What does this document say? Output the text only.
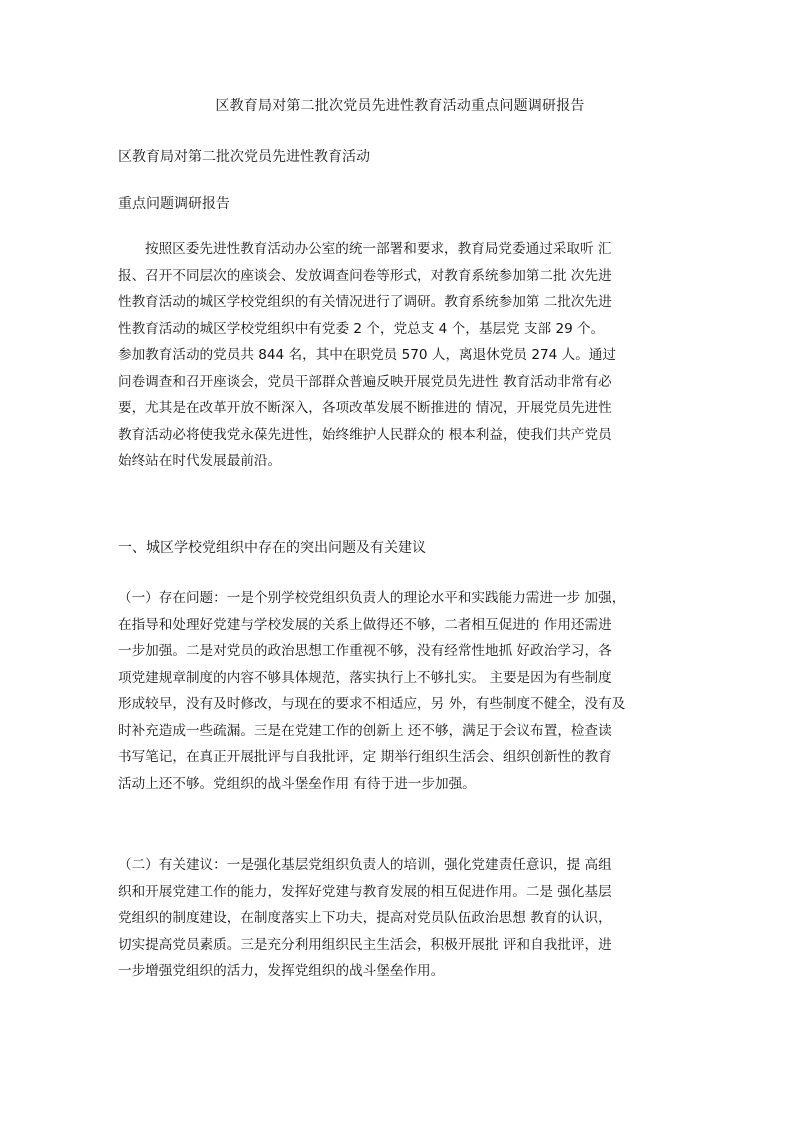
区教育局对第二批次党员先进性教育活动重点问题调研报告
区教育局对第二批次党员先进性教育活动
重点问题调研报告
按照区委先进性教育活动办公室的统一部署和要求，教育局党委通过采取听 汇
报、召开不同层次的座谈会、发放调查问卷等形式，对教育系统参加第二批 次先进
性教育活动的城区学校党组织的有关情况进行了调研。教育系统参加第 二批次先进
性教育活动的城区学校党组织中有党委 2 个，党总支 4 个，基层党 支部 29 个。
参加教育活动的党员共 844 名，其中在职党员 570 人，离退休党员 274 人。通过
问卷调查和召开座谈会，党员干部群众普遍反映开展党员先进性 教育活动非常有必
要，尤其是在改革开放不断深入，各项改革发展不断推进的 情况，开展党员先进性
教育活动必将使我党永葆先进性，始终维护人民群众的 根本利益，使我们共产党员
始终站在时代发展最前沿。
一、城区学校党组织中存在的突出问题及有关建议
（一）存在问题：一是个别学校党组织负责人的理论水平和实践能力需进一步 加强，
在指导和处理好党建与学校发展的关系上做得还不够，二者相互促进的 作用还需进
一步加强。二是对党员的政治思想工作重视不够，没有经常性地抓 好政治学习，各
项党建规章制度的内容不够具体规范，落实执行上不够扎实。 主要是因为有些制度
形成较早，没有及时修改，与现在的要求不相适应，另 外，有些制度不健全，没有及
时补充造成一些疏漏。三是在党建工作的创新上 还不够，满足于会议布置，检查读
书写笔记，在真正开展批评与自我批评，定 期举行组织生活会、组织创新性的教育
活动上还不够。党组织的战斗堡垒作用 有待于进一步加强。
（二）有关建议：一是强化基层党组织负责人的培训，强化党建责任意识，提 高组
织和开展党建工作的能力，发挥好党建与教育发展的相互促进作用。二是 强化基层
党组织的制度建设，在制度落实上下功夫，提高对党员队伍政治思想 教育的认识，
切实提高党员素质。三是充分利用组织民主生活会，积极开展批 评和自我批评，进
一步增强党组织的活力，发挥党组织的战斗堡垒作用。
